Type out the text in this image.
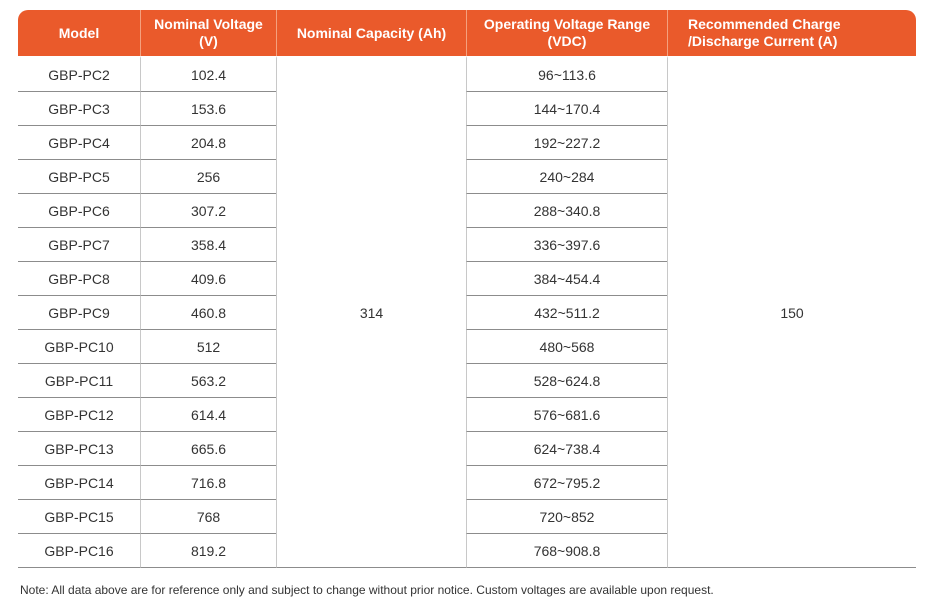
Model	Nominal Voltage (V)	Nominal Capacity (Ah)	Operating Voltage Range (VDC)	Recommended Charge
/Discharge Current (A)
GBP-PC2	102.4	314	96~113.6	150
GBP-PC3	153.6		144~170.4	
GBP-PC4	204.8		192~227.2	
GBP-PC5	256		240~284	
GBP-PC6	307.2		288~340.8	
GBP-PC7	358.4		336~397.6	
GBP-PC8	409.6		384~454.4	
GBP-PC9	460.8		432~511.2	
GBP-PC10	512		480~568	
GBP-PC11	563.2		528~624.8	
GBP-PC12	614.4		576~681.6	
GBP-PC13	665.6		624~738.4	
GBP-PC14	716.8		672~795.2	
GBP-PC15	768		720~852	
GBP-PC16	819.2		768~908.8	
Note: All data above are for reference only and subject to change without prior notice. Custom voltages are available upon request.
